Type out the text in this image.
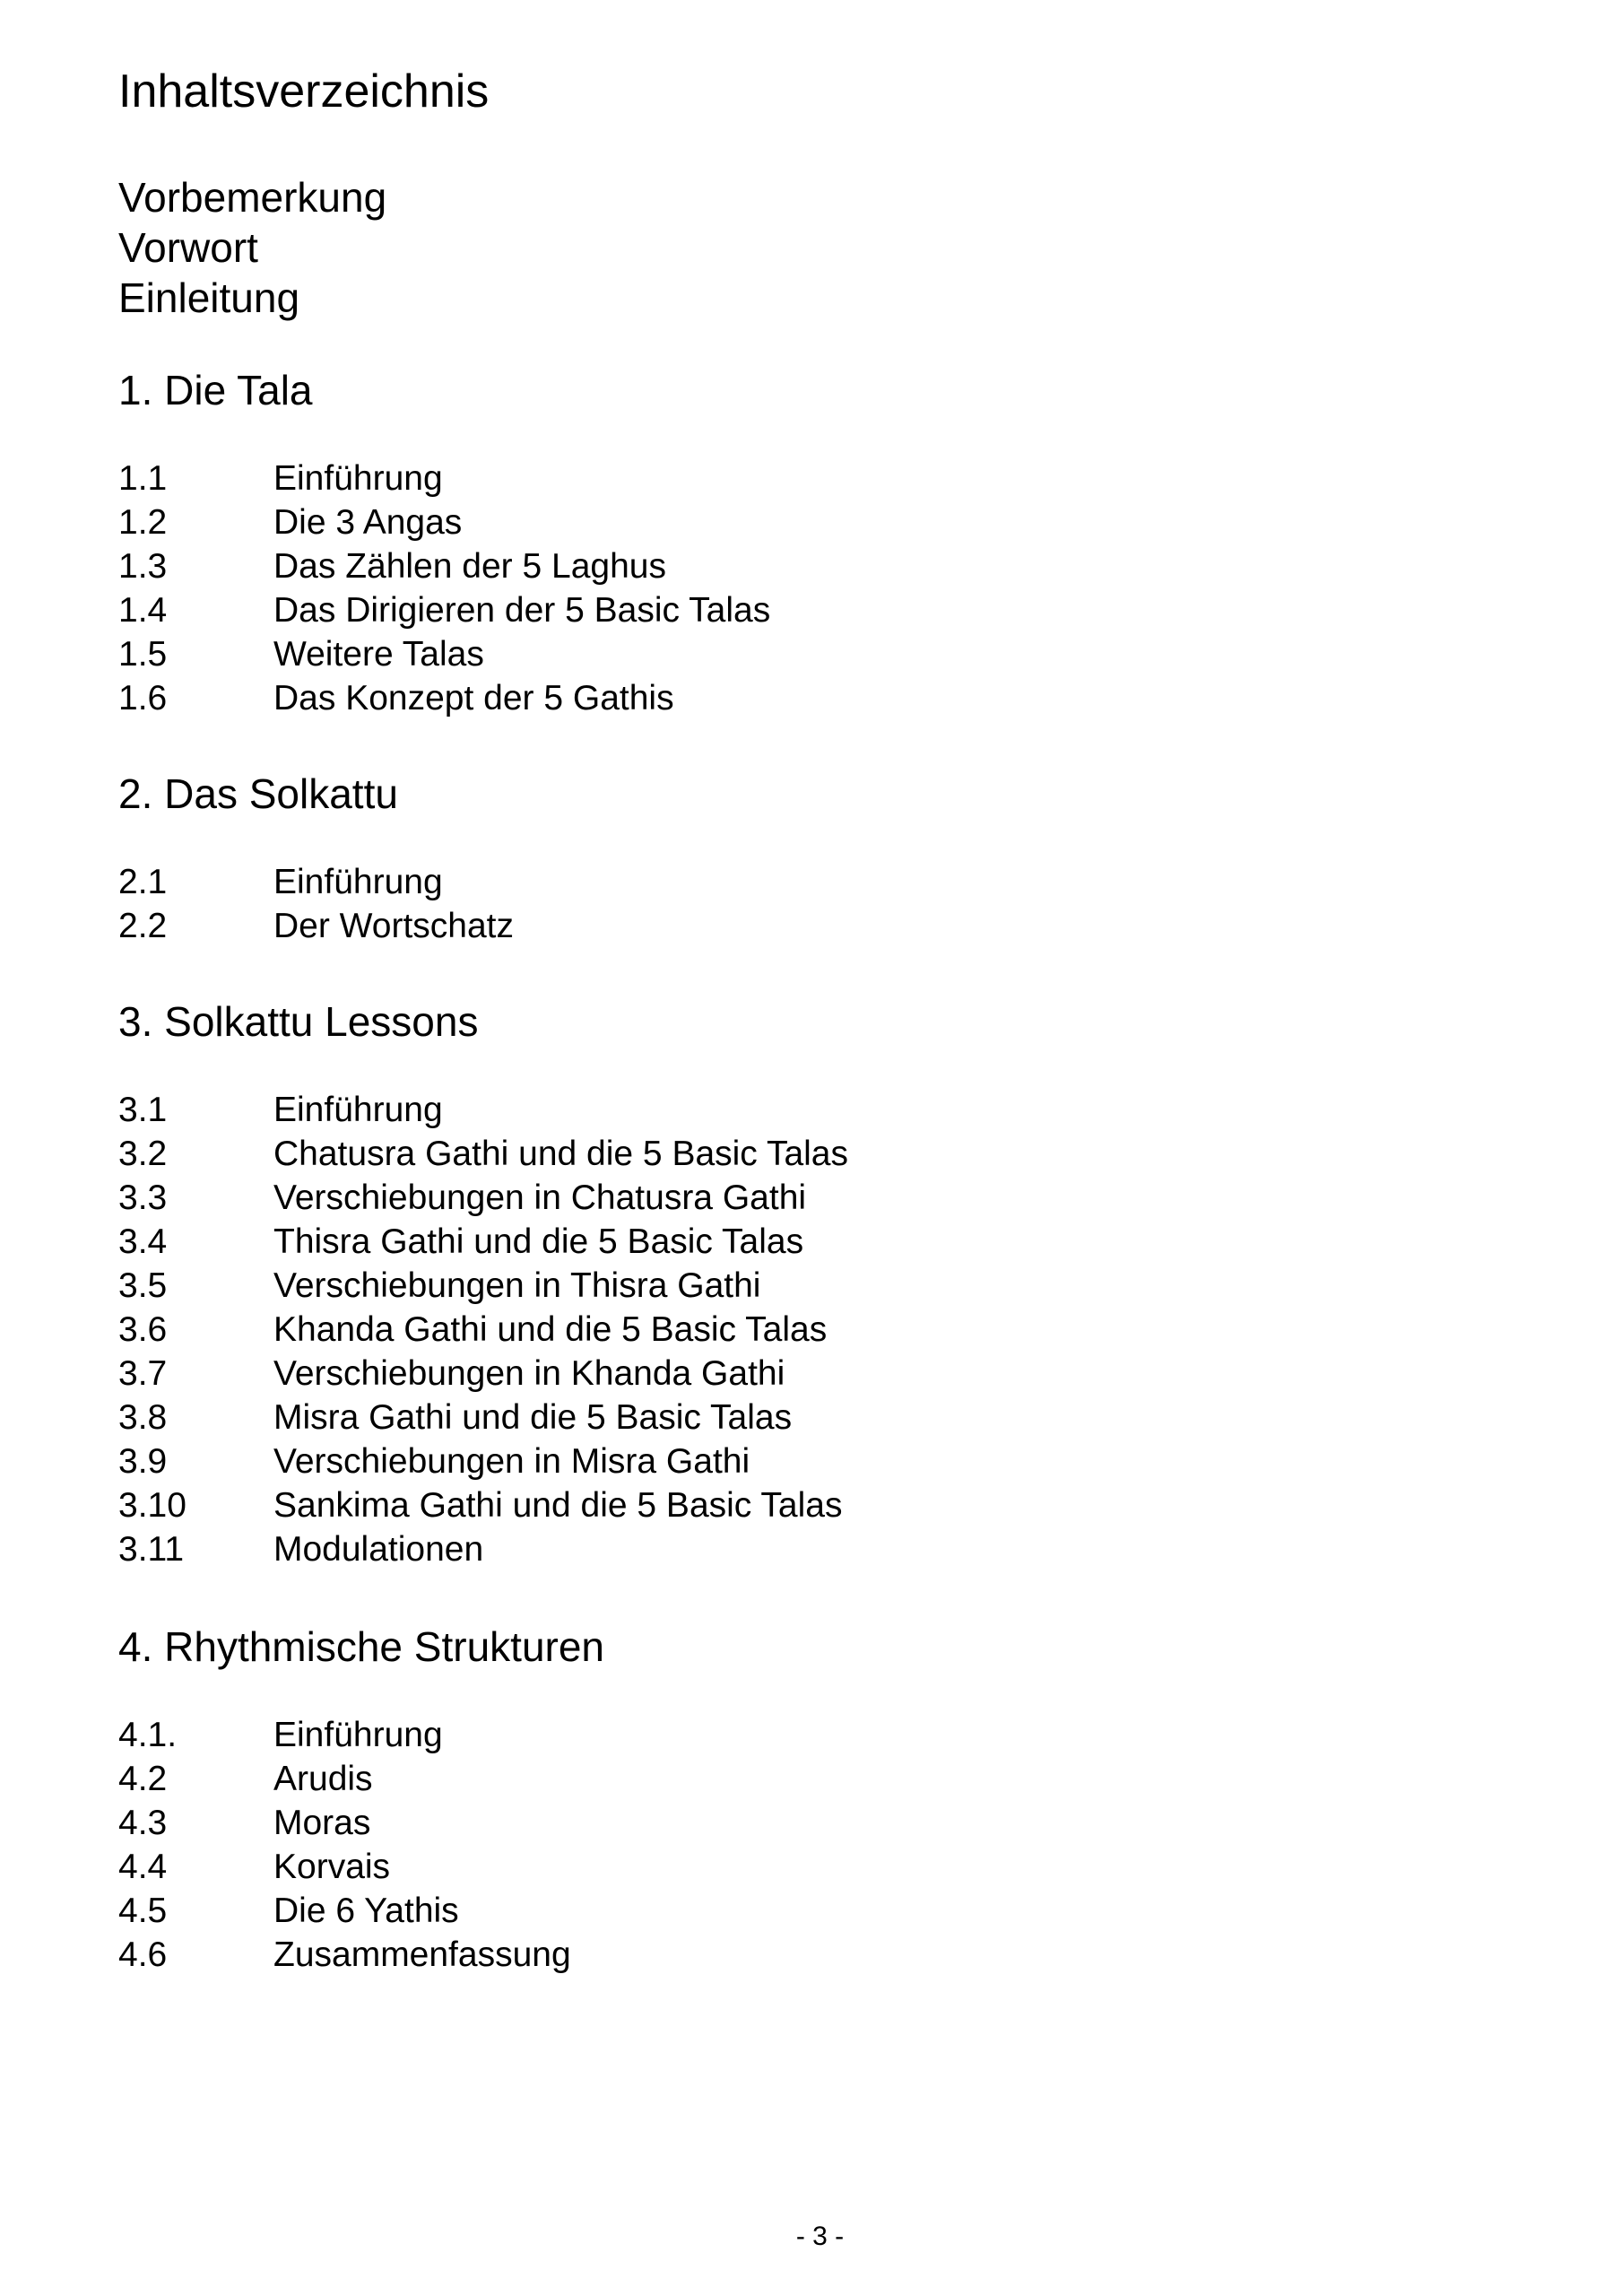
Inhaltsverzeichnis
Vorbemerkung
Vorwort
Einleitung
1. Die Tala
1.1	Einführung
1.2	Die 3 Angas
1.3	Das Zählen der 5 Laghus
1.4	Das Dirigieren der 5 Basic Talas
1.5	Weitere Talas
1.6	Das Konzept der 5 Gathis
2. Das Solkattu
2.1	Einführung
2.2	Der Wortschatz
3. Solkattu Lessons
3.1	Einführung
3.2	Chatusra Gathi und die 5 Basic Talas
3.3	Verschiebungen in Chatusra Gathi
3.4	Thisra Gathi und die 5 Basic Talas
3.5	Verschiebungen in Thisra Gathi
3.6	Khanda Gathi und die 5 Basic Talas
3.7	Verschiebungen in Khanda Gathi
3.8	Misra Gathi und die 5 Basic Talas
3.9	Verschiebungen in Misra Gathi
3.10	Sankima Gathi und die 5 Basic Talas
3.11	Modulationen
4. Rhythmische Strukturen
4.1.	Einführung
4.2	Arudis
4.3	Moras
4.4	Korvais
4.5	Die 6 Yathis
4.6	Zusammenfassung
- 3 -
